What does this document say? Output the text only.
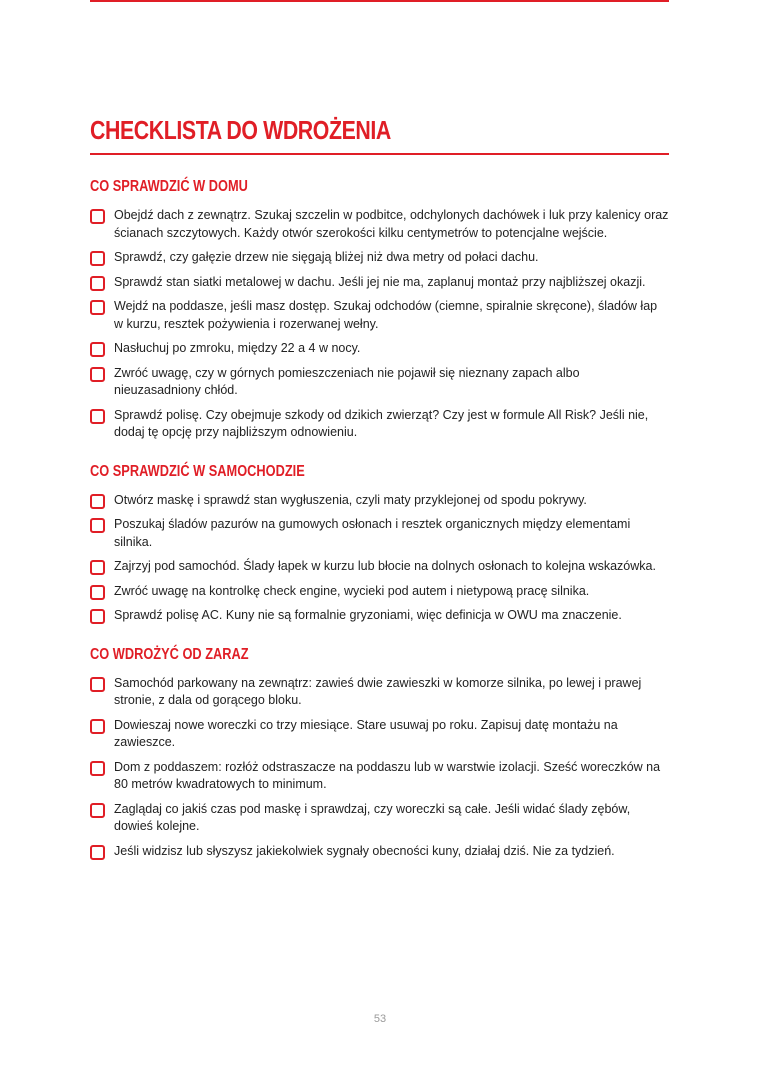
CHECKLISTA DO WDROŻENIA
CO SPRAWDZIĆ W DOMU
Obejdź dach z zewnątrz. Szukaj szczelin w podbitce, odchylonych dachówek i luk przy kalenicy oraz ścianach szczytowych. Każdy otwór szerokości kilku centymetrów to potencjalne wejście.
Sprawdź, czy gałęzie drzew nie sięgają bliżej niż dwa metry od połaci dachu.
Sprawdź stan siatki metalowej w dachu. Jeśli jej nie ma, zaplanuj montaż przy najbliższej okazji.
Wejdź na poddasze, jeśli masz dostęp. Szukaj odchodów (ciemne, spiralnie skręcone), śladów łap w kurzu, resztek pożywienia i rozerwanej wełny.
Nasłuchuj po zmroku, między 22 a 4 w nocy.
Zwróć uwagę, czy w górnych pomieszczeniach nie pojawił się nieznany zapach albo nieuzasadniony chłód.
Sprawdź polisę. Czy obejmuje szkody od dzikich zwierząt? Czy jest w formule All Risk? Jeśli nie, dodaj tę opcję przy najbliższym odnowieniu.
CO SPRAWDZIĆ W SAMOCHODZIE
Otwórz maskę i sprawdź stan wygłuszenia, czyli maty przyklejonej od spodu pokrywy.
Poszukaj śladów pazurów na gumowych osłonach i resztek organicznych między elementami silnika.
Zajrzyj pod samochód. Ślady łapek w kurzu lub błocie na dolnych osłonach to kolejna wskazówka.
Zwróć uwagę na kontrolkę check engine, wycieki pod autem i nietypową pracę silnika.
Sprawdź polisę AC. Kuny nie są formalnie gryzoniami, więc definicja w OWU ma znaczenie.
CO WDROŻYĆ OD ZARAZ
Samochód parkowany na zewnątrz: zawieś dwie zawieszki w komorze silnika, po lewej i prawej stronie, z dala od gorącego bloku.
Dowieszaj nowe woreczki co trzy miesiące. Stare usuwaj po roku. Zapisuj datę montażu na zawieszce.
Dom z poddaszem: rozłóż odstraszacze na poddaszu lub w warstwie izolacji. Sześć woreczków na 80 metrów kwadratowych to minimum.
Zaglądaj co jakiś czas pod maskę i sprawdzaj, czy woreczki są całe. Jeśli widać ślady zębów, dowieś kolejne.
Jeśli widzisz lub słyszysz jakiekolwiek sygnały obecności kuny, działaj dziś. Nie za tydzień.
53
